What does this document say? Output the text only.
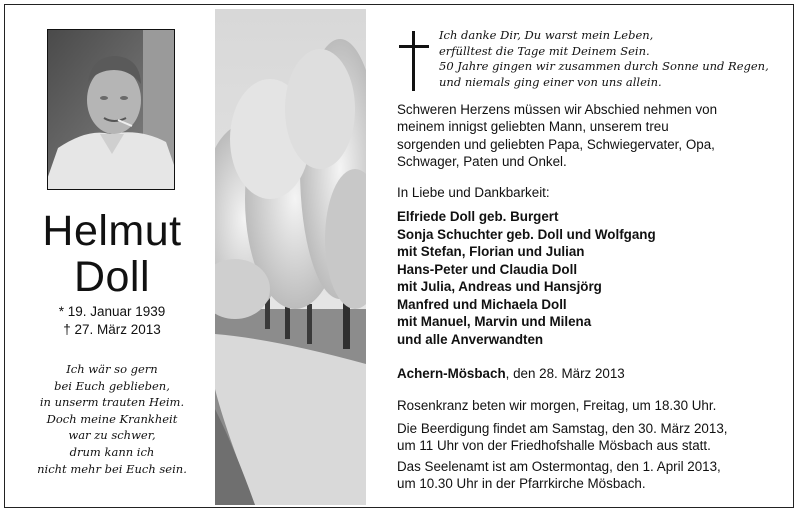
Helmut
Doll
* 19. Januar 1939
† 27. März 2013
Ich wär so gern
bei Euch geblieben,
in unserm trauten Heim.
Doch meine Krankheit
war zu schwer,
drum kann ich
nicht mehr bei Euch sein.
Ich danke Dir, Du warst mein Leben,
erfülltest die Tage mit Deinem Sein.
50 Jahre gingen wir zusammen durch Sonne und Regen,
und niemals ging einer von uns allein.
Schweren Herzens müssen wir Abschied nehmen von
meinem innigst geliebten Mann, unserem treu
sorgenden und geliebten Papa, Schwiegervater, Opa,
Schwager, Paten und Onkel.
In Liebe und Dankbarkeit:
Elfriede Doll geb. Burgert
Sonja Schuchter geb. Doll und Wolfgang
mit Stefan, Florian und Julian
Hans-Peter und Claudia Doll
mit Julia, Andreas und Hansjörg
Manfred und Michaela Doll
mit Manuel, Marvin und Milena
und alle Anverwandten
Achern-Mösbach, den 28. März 2013
Rosenkranz beten wir morgen, Freitag, um 18.30 Uhr.
Die Beerdigung findet am Samstag, den 30. März 2013,
um 11 Uhr von der Friedhofshalle Mösbach aus statt.
Das Seelenamt ist am Ostermontag, den 1. April 2013,
um 10.30 Uhr in der Pfarrkirche Mösbach.
